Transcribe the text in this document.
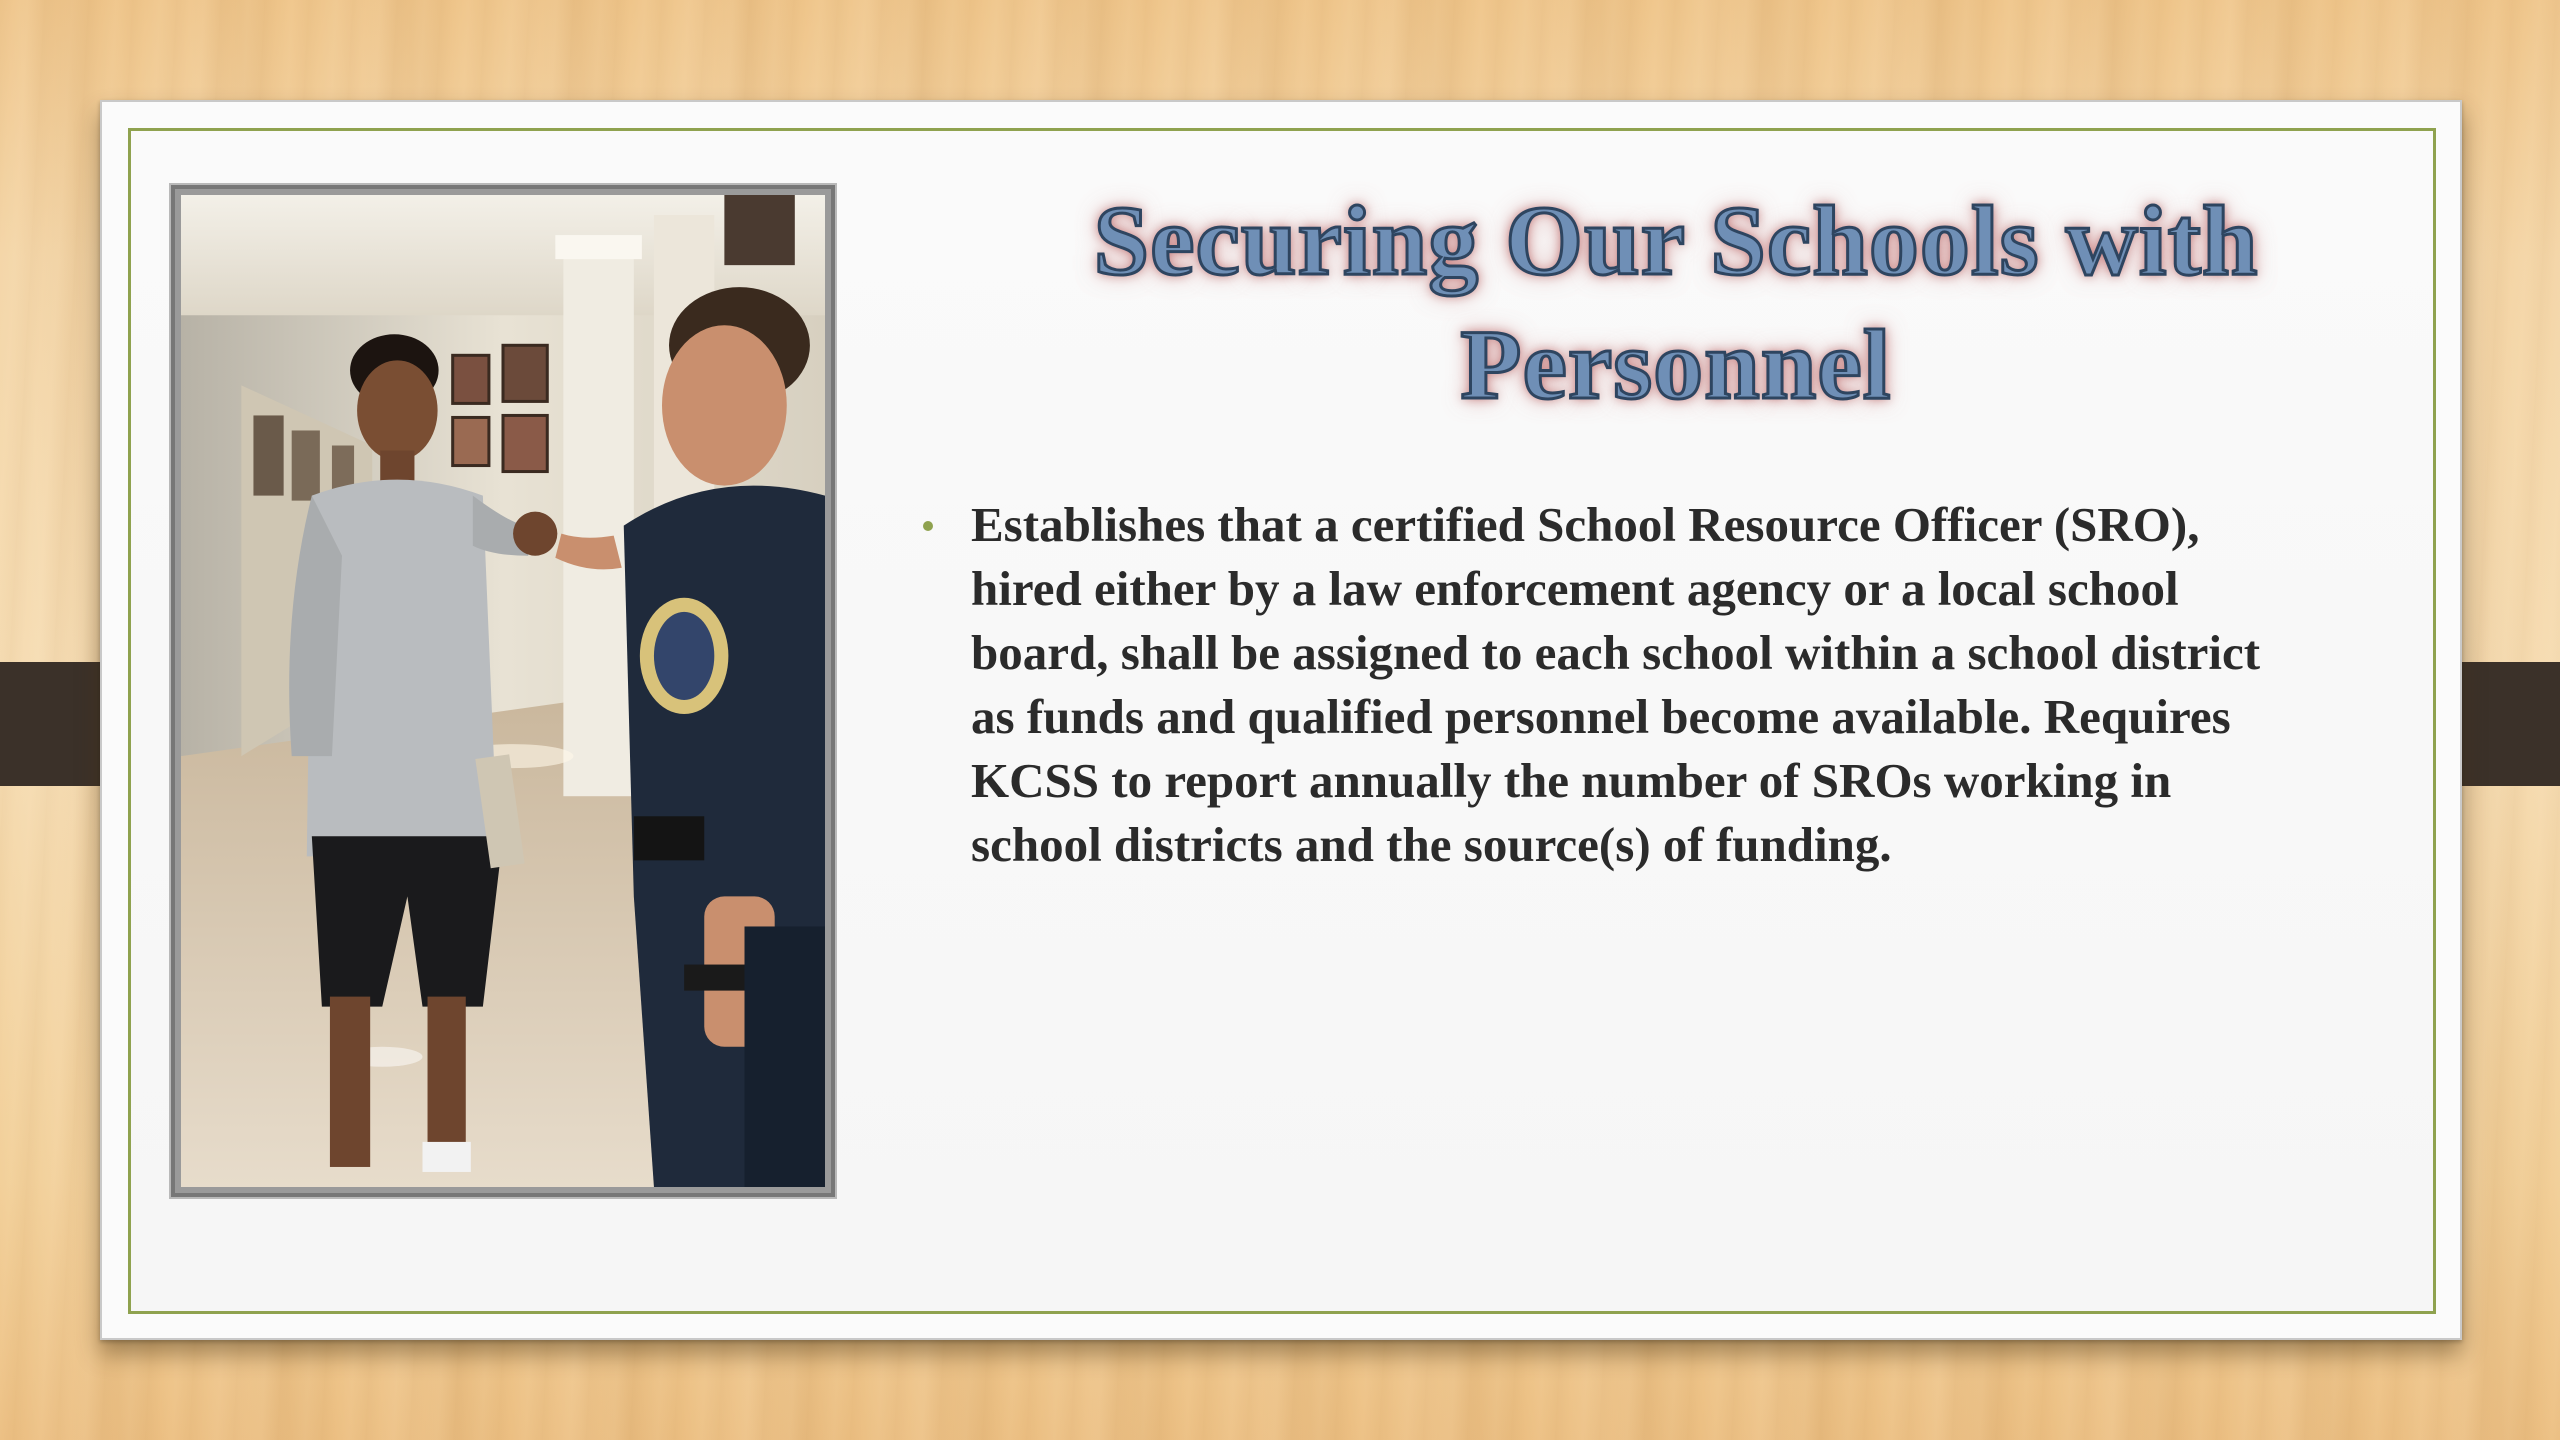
Securing Our Schools with Personnel
Establishes that a certified School Resource Officer (SRO), hired either by a law enforcement agency or a local school board, shall be assigned to each school within a school district as funds and qualified personnel become available. Requires KCSS to report annually the number of SROs working in school districts and the source(s) of funding.
